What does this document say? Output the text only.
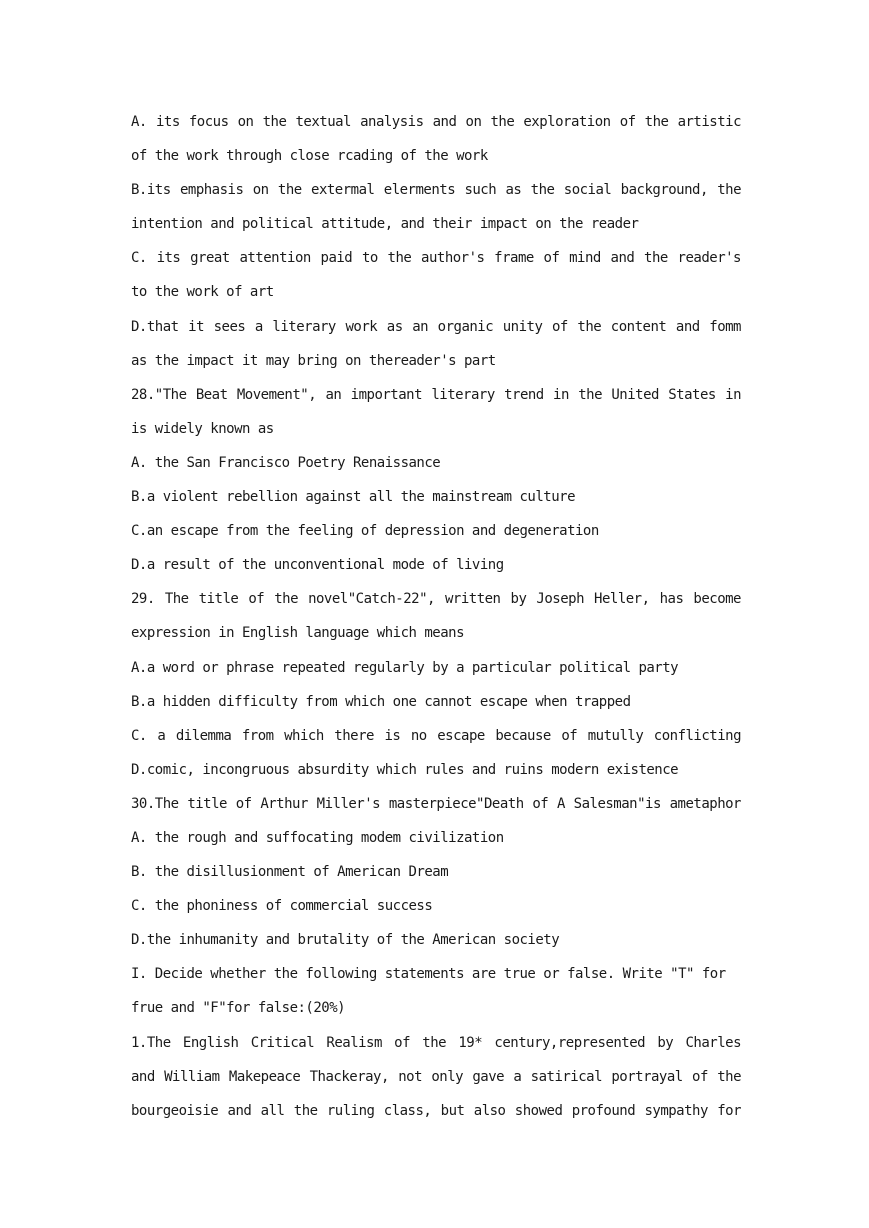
A. its focus on the textual analysis and on the exploration of the artistic
of the work through close rcading of the work
B.its emphasis on the extermal elerments such as the social background, the
intention and political attitude, and their impact on the reader
C. its great attention paid to the author's frame of mind and the reader's
to the work of art
D.that it sees a literary work as an organic unity of the content and fomm
as the impact it may bring on thereader's part
28."The Beat Movement", an important literary trend in the United States in
is widely known as
A. the San Francisco Poetry Renaissance
B.a violent rebellion against all the mainstream culture
C.an escape from the feeling of depression and degeneration
D.a result of the unconventional mode of living
29. The title of the novel"Catch-22", written by Joseph Heller, has become
expression in English language which means
A.a word or phrase repeated regularly by a particular political party
B.a hidden difficulty from which one cannot escape when trapped
C. a dilemma from which there is no escape because of mutully conflicting
D.comic, incongruous absurdity which rules and ruins modern existence
30.The title of Arthur Miller's masterpiece"Death of A Salesman"is ametaphor
A. the rough and suffocating modem civilization
B. the disillusionment of American Dream
C. the phoniness of commercial success
D.the inhumanity and brutality of the American society
I. Decide whether the following statements are true or false. Write "T" for
frue and "F"for false:(20%)
1.The English Critical Realism of the 19* century,represented by Charles
and William Makepeace Thackeray, not only gave a satirical portrayal of the
bourgeoisie and all the ruling class, but also showed profound sympathy for
